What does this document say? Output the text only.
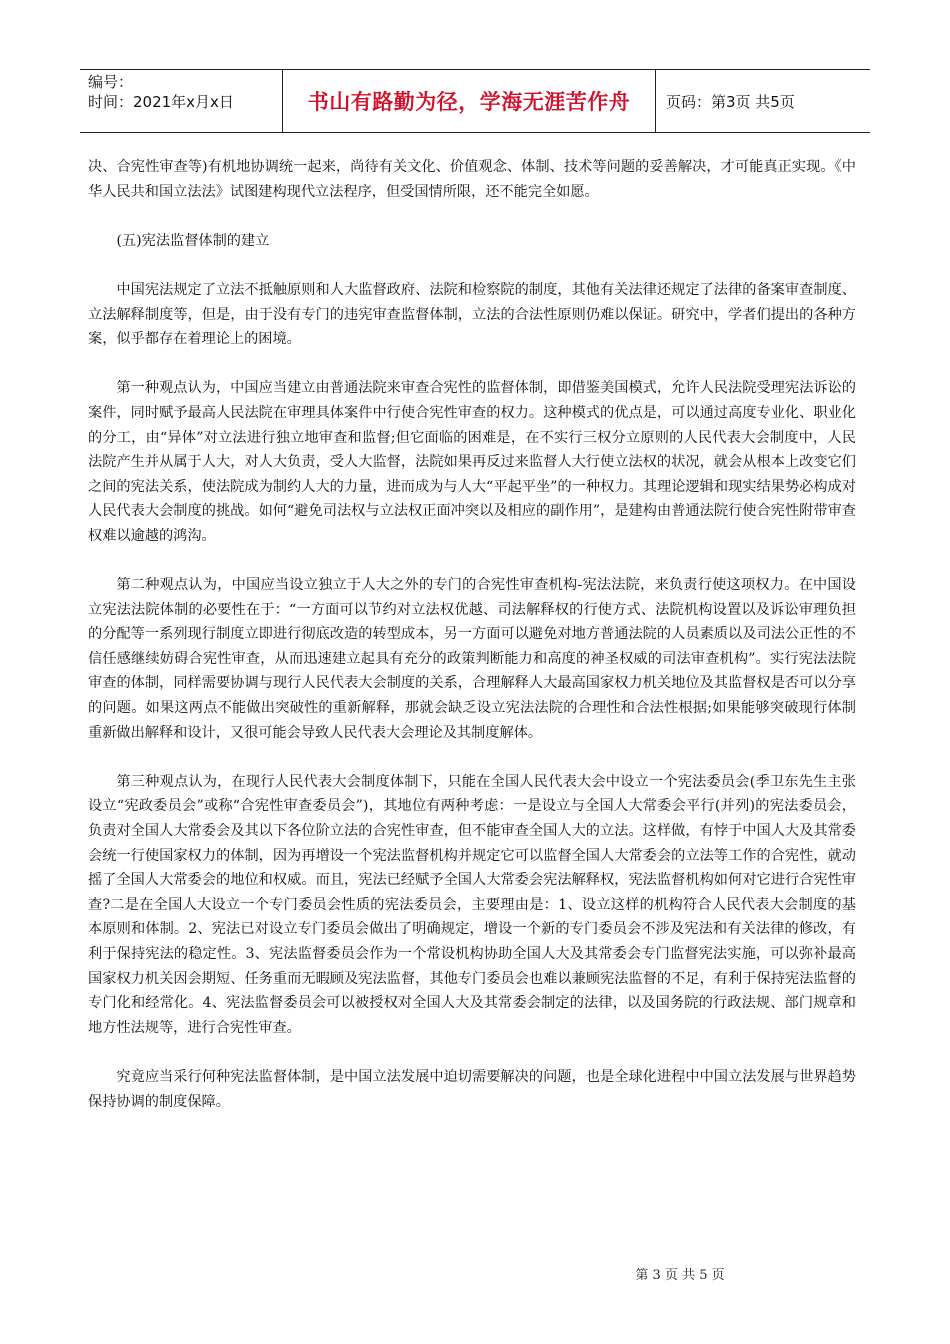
编号：
时间：2021年x月x日	书山有路勤为径，学海无涯苦作舟	页码：第3页 共5页

决、合宪性审查等)有机地协调统一起来，尚待有关文化、价值观念、体制、技术等问题的妥善解决，才可能真正实现。《中华人民共和国立法法》试图建构现代立法程序，但受国情所限，还不能完全如愿。

(五)宪法监督体制的建立

中国宪法规定了立法不抵触原则和人大监督政府、法院和检察院的制度，其他有关法律还规定了法律的备案审查制度、立法解释制度等，但是，由于没有专门的违宪审查监督体制，立法的合法性原则仍难以保证。研究中，学者们提出的各种方案，似乎都存在着理论上的困境。

第一种观点认为，中国应当建立由普通法院来审查合宪性的监督体制，即借鉴美国模式，允许人民法院受理宪法诉讼的案件，同时赋予最高人民法院在审理具体案件中行使合宪性审查的权力。这种模式的优点是，可以通过高度专业化、职业化的分工，由“异体”对立法进行独立地审查和监督;但它面临的困难是，在不实行三权分立原则的人民代表大会制度中，人民法院产生并从属于人大，对人大负责，受人大监督，法院如果再反过来监督人大行使立法权的状况，就会从根本上改变它们之间的宪法关系，使法院成为制约人大的力量，进而成为与人大“平起平坐”的一种权力。其理论逻辑和现实结果势必构成对人民代表大会制度的挑战。如何“避免司法权与立法权正面冲突以及相应的副作用”，是建构由普通法院行使合宪性附带审查权难以逾越的鸿沟。

第二种观点认为，中国应当设立独立于人大之外的专门的合宪性审查机构-宪法法院，来负责行使这项权力。在中国设立宪法法院体制的必要性在于：“一方面可以节约对立法权优越、司法解释权的行使方式、法院机构设置以及诉讼审理负担的分配等一系列现行制度立即进行彻底改造的转型成本，另一方面可以避免对地方普通法院的人员素质以及司法公正性的不信任感继续妨碍合宪性审查，从而迅速建立起具有充分的政策判断能力和高度的神圣权威的司法审查机构”。实行宪法法院审查的体制，同样需要协调与现行人民代表大会制度的关系，合理解释人大最高国家权力机关地位及其监督权是否可以分享的问题。如果这两点不能做出突破性的重新解释，那就会缺乏设立宪法法院的合理性和合法性根据;如果能够突破现行体制重新做出解释和设计，又很可能会导致人民代表大会理论及其制度解体。

第三种观点认为，在现行人民代表大会制度体制下，只能在全国人民代表大会中设立一个宪法委员会(季卫东先生主张设立“宪政委员会”或称“合宪性审查委员会”)，其地位有两种考虑：一是设立与全国人大常委会平行(并列)的宪法委员会，负责对全国人大常委会及其以下各位阶立法的合宪性审查，但不能审查全国人大的立法。这样做，有悖于中国人大及其常委会统一行使国家权力的体制，因为再增设一个宪法监督机构并规定它可以监督全国人大常委会的立法等工作的合宪性，就动摇了全国人大常委会的地位和权威。而且，宪法已经赋予全国人大常委会宪法解释权，宪法监督机构如何对它进行合宪性审查?二是在全国人大设立一个专门委员会性质的宪法委员会，主要理由是：1、设立这样的机构符合人民代表大会制度的基本原则和体制。2、宪法已对设立专门委员会做出了明确规定，增设一个新的专门委员会不涉及宪法和有关法律的修改，有利于保持宪法的稳定性。3、宪法监督委员会作为一个常设机构协助全国人大及其常委会专门监督宪法实施，可以弥补最高国家权力机关因会期短、任务重而无暇顾及宪法监督，其他专门委员会也难以兼顾宪法监督的不足，有利于保持宪法监督的专门化和经常化。4、宪法监督委员会可以被授权对全国人大及其常委会制定的法律，以及国务院的行政法规、部门规章和地方性法规等，进行合宪性审查。

究竟应当采行何种宪法监督体制，是中国立法发展中迫切需要解决的问题，也是全球化进程中中国立法发展与世界趋势保持协调的制度保障。

第 3 页 共 5 页
